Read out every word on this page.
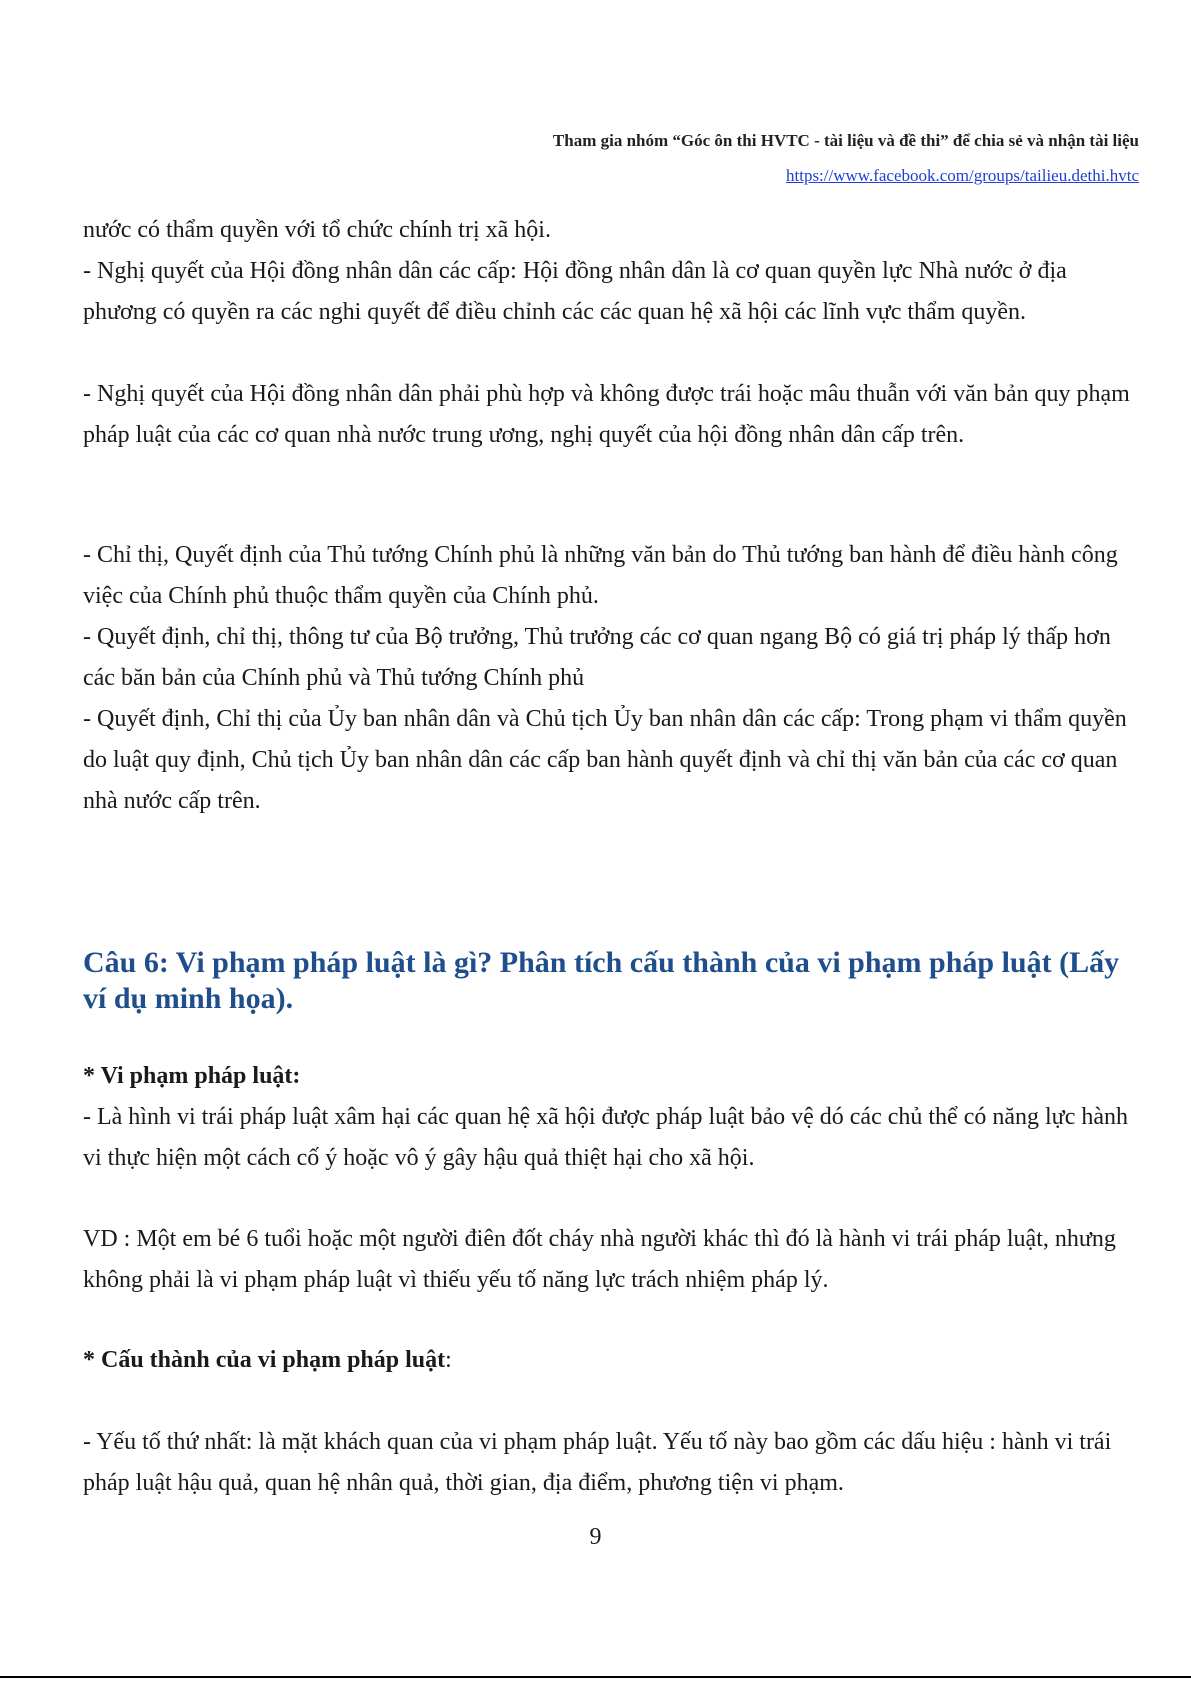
Tham gia nhóm “Góc ôn thi HVTC - tài liệu và đề thi” để chia sẻ và nhận tài liệu

https://www.facebook.com/groups/tailieu.dethi.hvtc

nước có thẩm quyền với tổ chức chính trị xã hội.

- Nghị quyết của Hội đồng nhân dân các cấp: Hội đồng nhân dân là cơ quan quyền lực Nhà nước ở địa phương có quyền ra các nghi quyết để điều chỉnh các các quan hệ xã hội các lĩnh vực thẩm quyền.

- Nghị quyết của Hội đồng nhân dân phải phù hợp và không được trái hoặc mâu thuẫn với văn bản quy phạm pháp luật của các cơ quan nhà nước trung ương, nghị quyết của hội đồng nhân dân cấp trên.

- Chỉ thị, Quyết định của Thủ tướng Chính phủ là những văn bản do Thủ tướng ban hành để điều hành công việc của Chính phủ thuộc thẩm quyền của Chính phủ.

- Quyết định, chỉ thị, thông tư của Bộ trưởng, Thủ trưởng các cơ quan ngang Bộ có giá trị pháp lý thấp hơn các băn bản của Chính phủ và Thủ tướng Chính phủ

- Quyết định, Chỉ thị của Ủy ban nhân dân và Chủ tịch Ủy ban nhân dân các cấp: Trong phạm vi thẩm quyền do luật quy định, Chủ tịch Ủy ban nhân dân các cấp ban hành quyết định và chỉ thị văn bản của các cơ quan nhà nước cấp trên.

Câu 6: Vi phạm pháp luật là gì? Phân tích cấu thành của vi phạm pháp luật (Lấy ví dụ minh họa).

* Vi phạm pháp luật:

- Là hình vi trái pháp luật xâm hại các quan hệ xã hội được pháp luật bảo vệ dó các chủ thể có năng lực hành vi thực hiện một cách cố ý hoặc vô ý gây hậu quả thiệt hại cho xã hội.

VD : Một em bé 6 tuổi hoặc một người điên đốt cháy nhà người khác thì đó là hành vi trái pháp luật, nhưng không phải là vi phạm pháp luật vì thiếu yếu tố năng lực trách nhiệm pháp lý.

* Cấu thành của vi phạm pháp luật:

- Yếu tố thứ nhất: là mặt khách quan của vi phạm pháp luật. Yếu tố này bao gồm các dấu hiệu : hành vi trái pháp luật hậu quả, quan hệ nhân quả, thời gian, địa điểm, phương tiện vi phạm.

9
